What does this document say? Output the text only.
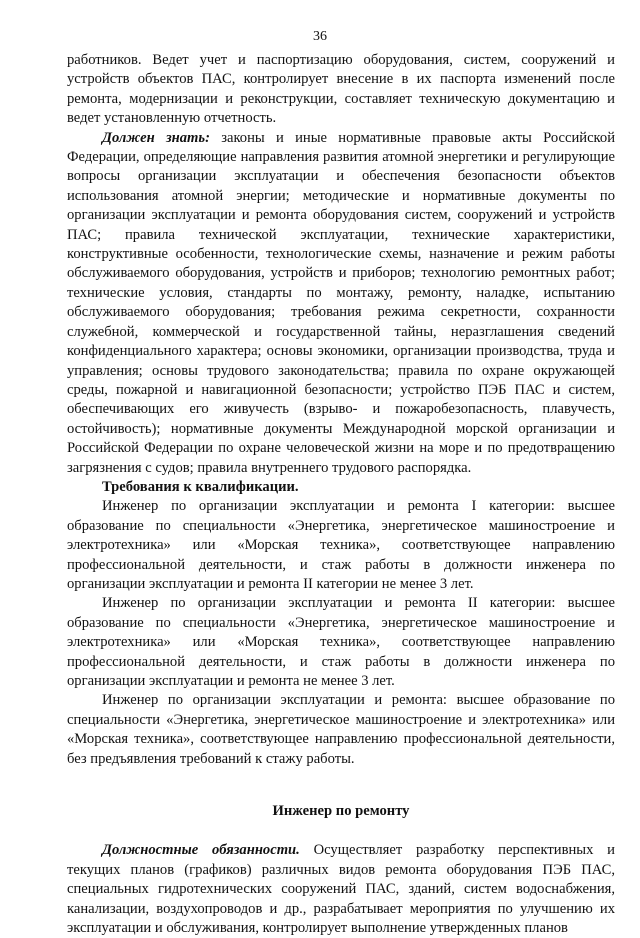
36

работников. Ведет учет и паспортизацию оборудования, систем, сооружений и устройств объектов ПАС, контролирует внесение в их паспорта изменений после ремонта, модернизации и реконструкции, составляет техническую документацию и ведет установленную отчетность.

Должен знать: законы и иные нормативные правовые акты Российской Федерации, определяющие направления развития атомной энергетики и регулирующие вопросы организации эксплуатации и обеспечения безопасности объектов использования атомной энергии; методические и нормативные документы по организации эксплуатации и ремонта оборудования систем, сооружений и устройств ПАС; правила технической эксплуатации, технические характеристики, конструктивные особенности, технологические схемы, назначение и режим работы обслуживаемого оборудования, устройств и приборов; технологию ремонтных работ; технические условия, стандарты по монтажу, ремонту, наладке, испытанию обслуживаемого оборудования; требования режима секретности, сохранности служебной, коммерческой и государственной тайны, неразглашения сведений конфиденциального характера; основы экономики, организации производства, труда и управления; основы трудового законодательства; правила по охране окружающей среды, пожарной и навигационной безопасности; устройство ПЭБ ПАС и систем, обеспечивающих его живучесть (взрыво- и пожаробезопасность, плавучесть, остойчивость); нормативные документы Международной морской организации и Российской Федерации по охране человеческой жизни на море и по предотвращению загрязнения с судов; правила внутреннего трудового распорядка.

Требования к квалификации.

Инженер по организации эксплуатации и ремонта I категории: высшее образование по специальности «Энергетика, энергетическое машиностроение и электротехника» или «Морская техника», соответствующее направлению профессиональной деятельности, и стаж работы в должности инженера по организации эксплуатации и ремонта II категории не менее 3 лет.

Инженер по организации эксплуатации и ремонта II категории: высшее образование по специальности «Энергетика, энергетическое машиностроение и электротехника» или «Морская техника», соответствующее направлению профессиональной деятельности, и стаж работы в должности инженера по организации эксплуатации и ремонта не менее 3 лет.

Инженер по организации эксплуатации и ремонта: высшее образование по специальности «Энергетика, энергетическое машиностроение и электротехника» или «Морская техника», соответствующее направлению профессиональной деятельности, без предъявления требований к стажу работы.

Инженер по ремонту

Должностные обязанности. Осуществляет разработку перспективных и текущих планов (графиков) различных видов ремонта оборудования ПЭБ ПАС, специальных гидротехнических сооружений ПАС, зданий, систем водоснабжения, канализации, воздухопроводов и др., разрабатывает мероприятия по улучшению их эксплуатации и обслуживания, контролирует выполнение утвержденных планов
